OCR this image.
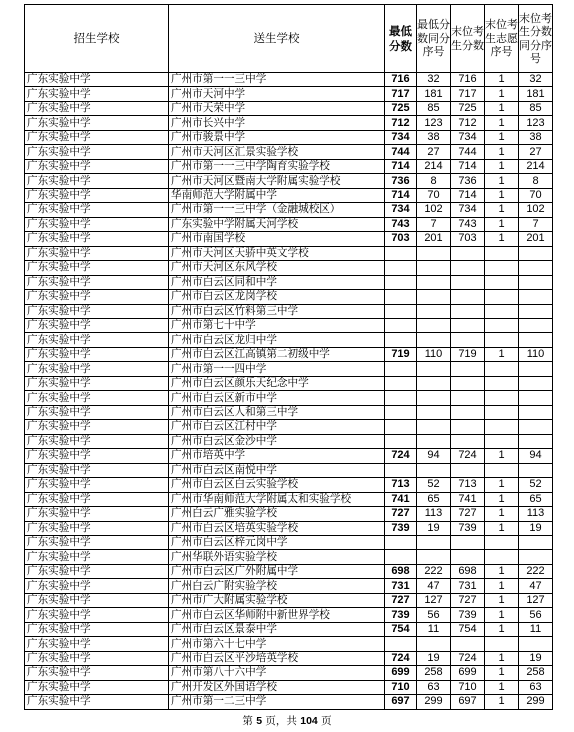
招生学校	送生学校	最低分数	最低分数同分序号	末位考生分数	末位考生志愿序号	末位考生分数同分序号
广东实验中学	广州市第一一三中学	716	32	716	1	32
广东实验中学	广州市天河中学	717	181	717	1	181
广东实验中学	广州市天荣中学	725	85	725	1	85
广东实验中学	广州市长兴中学	712	123	712	1	123
广东实验中学	广州市骏景中学	734	38	734	1	38
广东实验中学	广州市天河区汇景实验学校	744	27	744	1	27
广东实验中学	广州市第一一三中学陶育实验学校	714	214	714	1	214
广东实验中学	广州市天河区暨南大学附属实验学校	736	8	736	1	8
广东实验中学	华南师范大学附属中学	714	70	714	1	70
广东实验中学	广州市第一一三中学（金融城校区）	734	102	734	1	102
广东实验中学	广东实验中学附属天河学校	743	7	743	1	7
广东实验中学	广州市南国学校	703	201	703	1	201
广东实验中学	广州市天河区天骄中英文学校					
广东实验中学	广州市天河区东风学校					
广东实验中学	广州市白云区同和中学					
广东实验中学	广州市白云区龙岗学校					
广东实验中学	广州市白云区竹料第三中学					
广东实验中学	广州市第七十中学					
广东实验中学	广州市白云区龙归中学					
广东实验中学	广州市白云区江高镇第二初级中学	719	110	719	1	110
广东实验中学	广州市第一一四中学					
广东实验中学	广州市白云区颜乐天纪念中学					
广东实验中学	广州市白云区新市中学					
广东实验中学	广州市白云区人和第三中学					
广东实验中学	广州市白云区江村中学					
广东实验中学	广州市白云区金沙中学					
广东实验中学	广州市培英中学	724	94	724	1	94
广东实验中学	广州市白云区南悦中学					
广东实验中学	广州市白云区白云实验学校	713	52	713	1	52
广东实验中学	广州市华南师范大学附属太和实验学校	741	65	741	1	65
广东实验中学	广州白云广雅实验学校	727	113	727	1	113
广东实验中学	广州市白云区培英实验学校	739	19	739	1	19
广东实验中学	广州市白云区梓元岗中学					
广东实验中学	广州华联外语实验学校					
广东实验中学	广州市白云区广外附属中学	698	222	698	1	222
广东实验中学	广州白云广附实验学校	731	47	731	1	47
广东实验中学	广州市广大附属实验学校	727	127	727	1	127
广东实验中学	广州市白云区华师附中新世界学校	739	56	739	1	56
广东实验中学	广州市白云区景泰中学	754	11	754	1	11
广东实验中学	广州市第六十七中学					
广东实验中学	广州市白云区平沙培英学校	724	19	724	1	19
广东实验中学	广州市第八十六中学	699	258	699	1	258
广东实验中学	广州开发区外国语学校	710	63	710	1	63
广东实验中学	广州市第一二三中学	697	299	697	1	299
第 5 页，共 104 页
